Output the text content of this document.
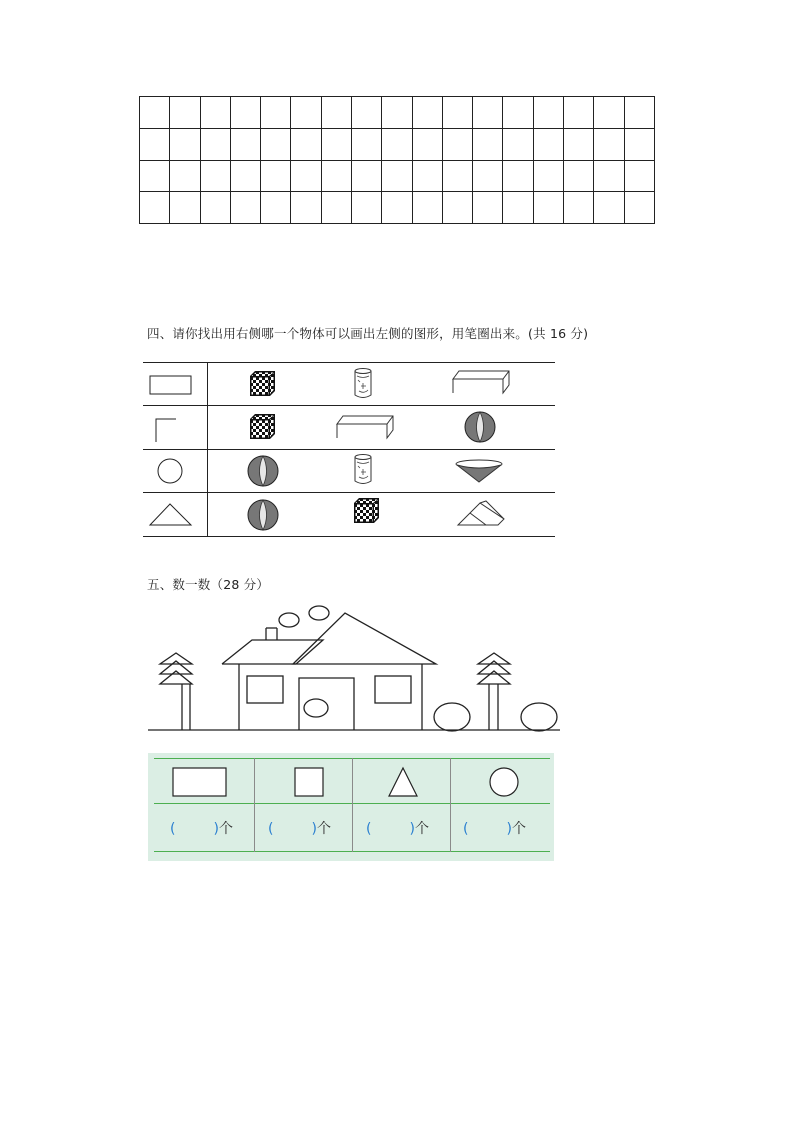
四、请你找出用右侧哪一个物体可以画出左侧的图形，用笔圈出来。(共 16 分)
五、数一数（28 分）
(	)个	(	)个	(	)个 (	)个
